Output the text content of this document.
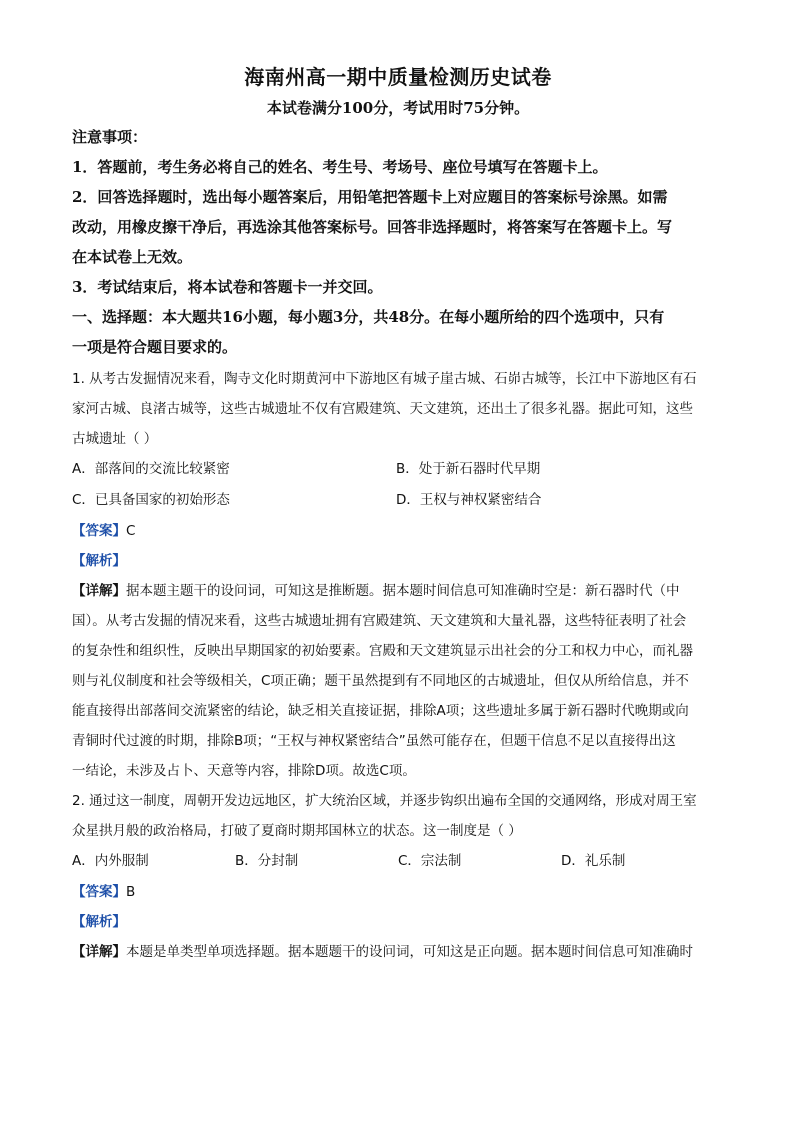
海南州高一期中质量检测历史试卷
本试卷满分100分，考试用时75分钟。

注意事项：

1．答题前，考生务必将自己的姓名、考生号、考场号、座位号填写在答题卡上。

2．回答选择题时，选出每小题答案后，用铅笔把答题卡上对应题目的答案标号涂黑。如需

改动，用橡皮擦干净后，再选涂其他答案标号。回答非选择题时，将答案写在答题卡上。写

在本试卷上无效。

3．考试结束后，将本试卷和答题卡一并交回。

一、选择题：本大题共16小题，每小题3分，共48分。在每小题所给的四个选项中，只有

一项是符合题目要求的。

1. 从考古发掘情况来看，陶寺文化时期黄河中下游地区有城子崖古城、石峁古城等，长江中下游地区有石

家河古城、良渚古城等，这些古城遗址不仅有宫殿建筑、天文建筑，还出土了很多礼器。据此可知，这些

古城遗址（ ）

A．部落间的交流比较紧密	B．处于新石器时代早期
C．已具备国家的初始形态	D．王权与神权紧密结合

【答案】C

【解析】

【详解】据本题主题干的设问词，可知这是推断题。据本题时间信息可知准确时空是：新石器时代（中

国）。从考古发掘的情况来看，这些古城遗址拥有宫殿建筑、天文建筑和大量礼器，这些特征表明了社会

的复杂性和组织性，反映出早期国家的初始要素。宫殿和天文建筑显示出社会的分工和权力中心，而礼器

则与礼仪制度和社会等级相关，C项正确；题干虽然提到有不同地区的古城遗址，但仅从所给信息，并不

能直接得出部落间交流紧密的结论，缺乏相关直接证据，排除A项；这些遗址多属于新石器时代晚期或向

青铜时代过渡的时期，排除B项；“王权与神权紧密结合”虽然可能存在，但题干信息不足以直接得出这

一结论，未涉及占卜、天意等内容，排除D项。故选C项。

2. 通过这一制度，周朝开发边远地区，扩大统治区域，并逐步钩织出遍布全国的交通网络，形成对周王室

众星拱月般的政治格局，打破了夏商时期邦国林立的状态。这一制度是（ ）

A．内外服制	B．分封制	C．宗法制	D．礼乐制

【答案】B

【解析】

【详解】本题是单类型单项选择题。据本题题干的设问词，可知这是正向题。据本题时间信息可知准确时
